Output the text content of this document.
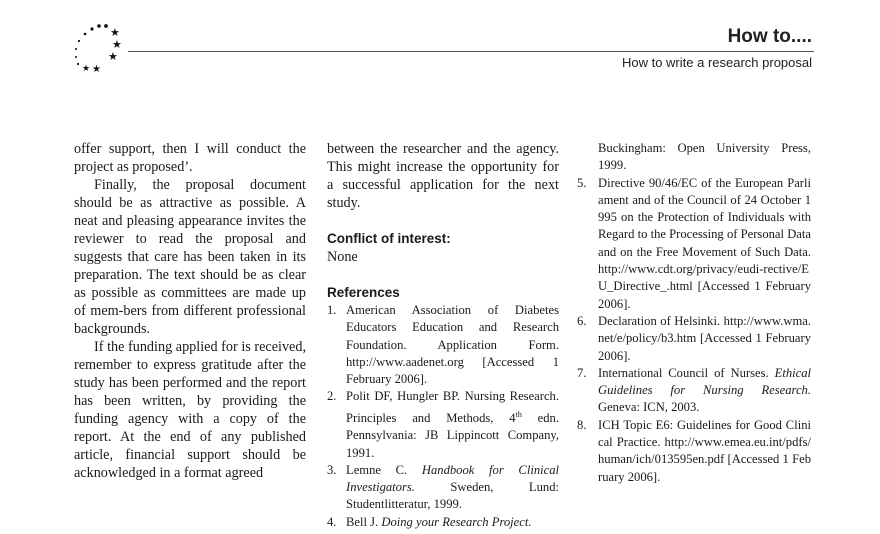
★
★
★
★
★
How to....
How to write a research proposal

offer support, then I will conduct the project as proposed’.

Finally, the proposal document should be as attractive as possible. A neat and pleasing appearance invites the reviewer to read the proposal and suggests that care has been taken in its preparation. The text should be as clear as possible as committees are made up of mem-bers from different professional backgrounds.

If the funding applied for is received, remember to express gratitude after the study has been performed and the report has been written, by providing the funding agency with a copy of the report. At the end of any published article, financial support should be acknowledged in a format agreed

between the researcher and the agency. This might increase the opportunity for a successful application for the next study.

Conflict of interest:

None

References

1. American Association of Diabetes Educators Education and Research Foundation. Application Form. http://www.aadenet.org [Accessed 1 February 2006].
2. Polit DF, Hungler BP. Nursing Research. Principles and Methods, 4th edn. Pennsylvania: JB Lippincott Company, 1991.
3. Lemne C. Handbook for Clinical Investigators. Sweden, Lund: Studentlitteratur, 1999.
4. Bell J. Doing your Research Project.
Buckingham: Open University Press, 1999.
5. Directive 90/46/EC of the European Parliament and of the Council of 24 October 1995 on the Protection of Individuals with Regard to the Processing of Personal Data and on the Free Movement of Such Data. http://www.cdt.org/privacy/eudi-rective/EU_Directive_.html [Accessed 1 February 2006].
6. Declaration of Helsinki. http://www.wma.net/e/policy/b3.htm [Accessed 1 February 2006].
7. International Council of Nurses. Ethical Guidelines for Nursing Research. Geneva: ICN, 2003.
8. ICH Topic E6: Guidelines for Good Clinical Practice. http://www.emea.eu.int/pdfs/human/ich/013595en.pdf [Accessed 1 February 2006].
